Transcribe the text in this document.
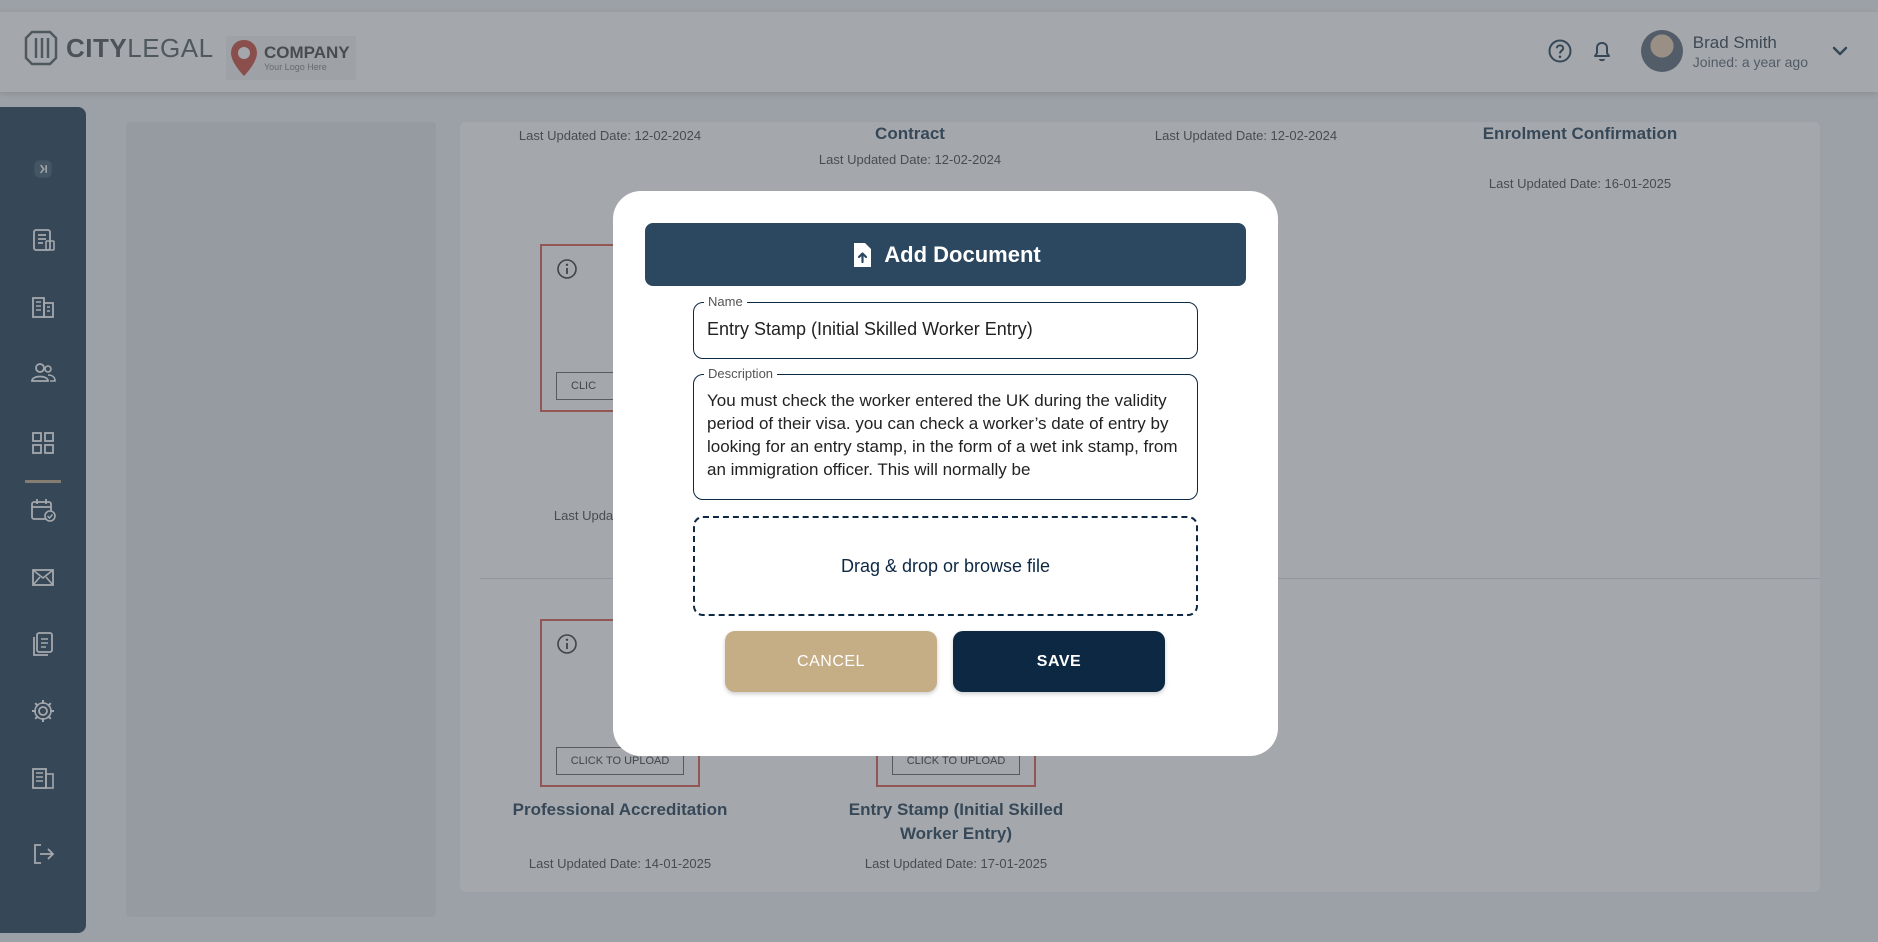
Add Document
Name
Entry Stamp (Initial Skilled Worker Entry)
Description
You must check the worker entered the UK during the validity period of their visa. you can check a worker’s date of entry by looking for an entry stamp, in the form of a wet ink stamp, from an immigration officer. This will normally be
Drag & drop or browse file
CANCEL	SAVE
